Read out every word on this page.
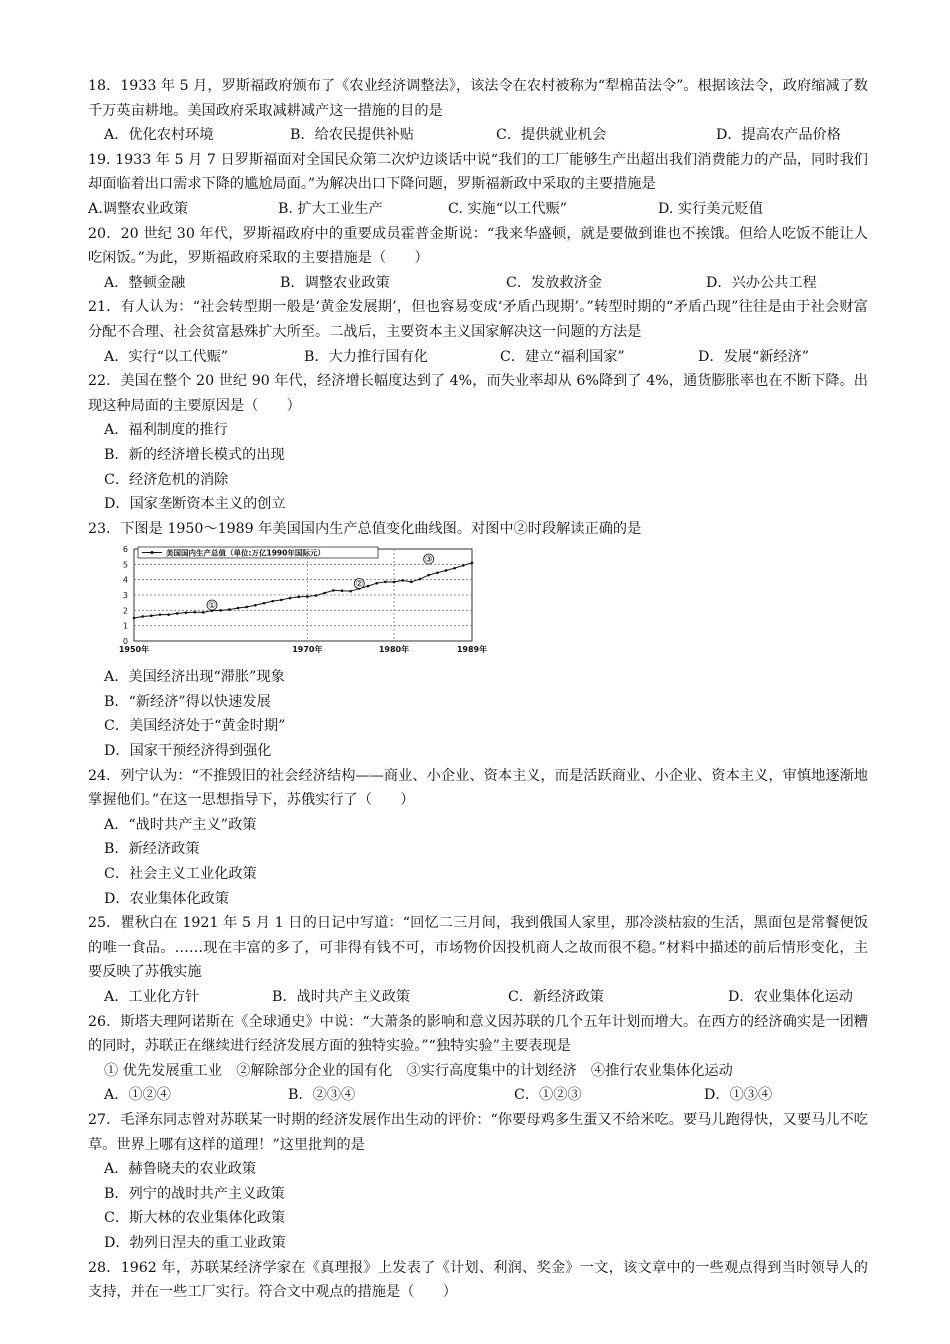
18．1933 年 5 月，罗斯福政府颁布了《农业经济调整法》，该法令在农村被称为“犁棉苗法令”。根据该法令，政府缩减了数千万英亩耕地。美国政府采取减耕减产这一措施的目的是

A．优化农村环境	B．给农民提供补贴	C．提供就业机会	D．提高农产品价格

19. 1933 年 5 月 7 日罗斯福面对全国民众第二次炉边谈话中说“我们的工厂能够生产出超出我们消费能力的产品，同时我们却面临着出口需求下降的尴尬局面。”为解决出口下降问题，罗斯福新政中采取的主要措施是

A.调整农业政策	B. 扩大工业生产	C. 实施“以工代赈”	D. 实行美元贬值

20．20 世纪 30 年代，罗斯福政府中的重要成员霍普金斯说：“我来华盛顿，就是要做到谁也不挨饿。但给人吃饭不能让人吃闲饭。”为此，罗斯福政府采取的主要措施是（　　）

A．整顿金融	B．调整农业政策	C．发放救济金	D．兴办公共工程

21．有人认为：“社会转型期一般是‘黄金发展期’，但也容易变成‘矛盾凸现期’。”转型时期的“矛盾凸现”往往是由于社会财富分配不合理、社会贫富悬殊扩大所至。二战后，主要资本主义国家解决这一问题的方法是

A．实行“以工代赈”	B．大力推行国有化	C．建立“福利国家”	D．发展“新经济”

22．美国在整个 20 世纪 90 年代，经济增长幅度达到了 4%，而失业率却从 6%降到了 4%，通货膨胀率也在不断下降。出现这种局面的主要原因是（　　）

A．福利制度的推行
B．新的经济增长模式的出现
C．经济危机的消除
D．国家垄断资本主义的创立

23．下图是 1950～1989 年美国国内生产总值变化曲线图。对图中②时段解读正确的是

0
1
2
3
4
5
6
1950年	1970年	1980年	1989年
美国国内生产总值（单位:万亿1990年国际元）
①
②
③
A．美国经济出现“滞胀”现象
B．“新经济”得以快速发展
C．美国经济处于“黄金时期”
D．国家干预经济得到强化

24．列宁认为：“不推毁旧的社会经济结构——商业、小企业、资本主义，而是活跃商业、小企业、资本主义，审慎地逐渐地掌握他们。”在这一思想指导下，苏俄实行了（　　）

A．“战时共产主义”政策
B．新经济政策
C．社会主义工业化政策
D．农业集体化政策

25．瞿秋白在 1921 年 5 月 1 日的日记中写道：“回忆二三月间，我到俄国人家里，那冷淡枯寂的生活，黑面包是常餐便饭的唯一食品。……现在丰富的多了，可非得有钱不可，市场物价因投机商人之故而很不稳。”材料中描述的前后情形变化，主要反映了苏俄实施

A．工业化方针	B．战时共产主义政策	C．新经济政策	D．农业集体化运动

26．斯塔夫理阿诺斯在《全球通史》中说：“大萧条的影响和意义因苏联的几个五年计划而增大。在西方的经济确实是一团糟的同时，苏联正在继续进行经济发展方面的独特实验。”“独特实验”主要表现是

① 优先发展重工业　②解除部分企业的国有化　③实行高度集中的计划经济　④推行农业集体化运动

A．①②④	B．②③④	C．①②③	D．①③④

27．毛泽东同志曾对苏联某一时期的经济发展作出生动的评价：“你要母鸡多生蛋又不给米吃。要马儿跑得快，又要马儿不吃草。世界上哪有这样的道理！”这里批判的是

A．赫鲁晓夫的农业政策
B．列宁的战时共产主义政策
C．斯大林的农业集体化政策
D．勃列日涅夫的重工业政策

28．1962 年，苏联某经济学家在《真理报》上发表了《计划、利润、奖金》一文，该文章中的一些观点得到当时领导人的支持，并在一些工厂实行。符合文中观点的措施是（　　）
